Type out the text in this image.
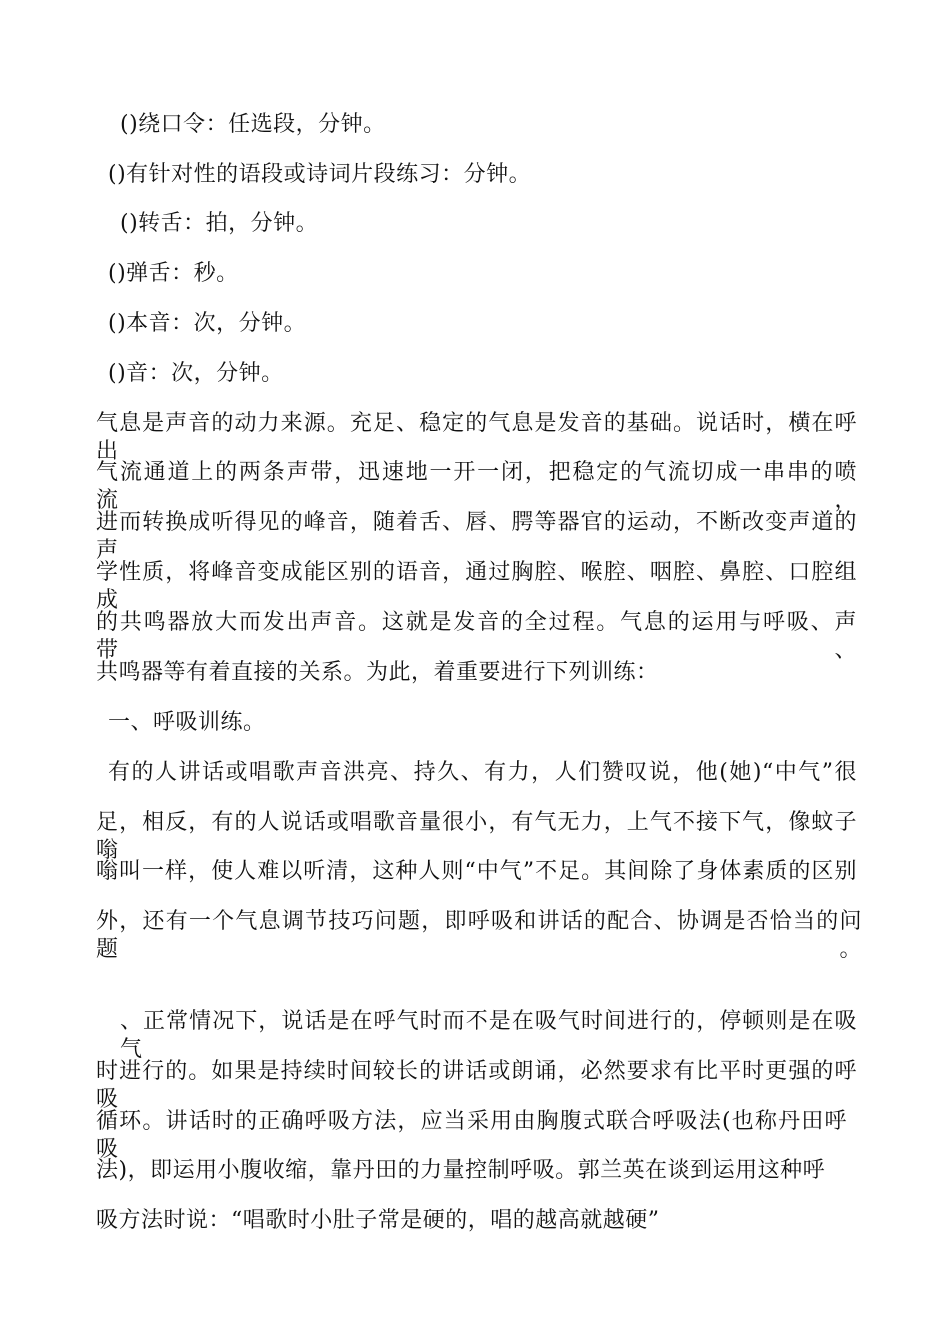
()绕口令：任选段，分钟。
()有针对性的语段或诗词片段练习：分钟。
()转舌：拍，分钟。
()弹舌：秒。
()本音：次，分钟。
()音：次，分钟。
气息是声音的动力来源。充足、稳定的气息是发音的基础。说话时，横在呼出
气流通道上的两条声带，迅速地一开一闭，把稳定的气流切成一串串的喷流，
进而转换成听得见的峰音，随着舌、唇、腭等器官的运动，不断改变声道的声
学性质，将峰音变成能区别的语音，通过胸腔、喉腔、咽腔、鼻腔、口腔组成
的共鸣器放大而发出声音。这就是发音的全过程。气息的运用与呼吸、声带、
共鸣器等有着直接的关系。为此，着重要进行下列训练：
一、呼吸训练。
有的人讲话或唱歌声音洪亮、持久、有力，人们赞叹说，他(她)“中气”很
足，相反，有的人说话或唱歌音量很小，有气无力，上气不接下气，像蚊子嗡
嗡叫一样，使人难以听清，这种人则“中气”不足。其间除了身体素质的区别
外，还有一个气息调节技巧问题，即呼吸和讲话的配合、协调是否恰当的问题。
、正常情况下，说话是在呼气时而不是在吸气时间进行的，停顿则是在吸气
时进行的。如果是持续时间较长的讲话或朗诵，必然要求有比平时更强的呼吸
循环。讲话时的正确呼吸方法，应当采用由胸腹式联合呼吸法(也称丹田呼吸
法)，即运用小腹收缩，靠丹田的力量控制呼吸。郭兰英在谈到运用这种呼
吸方法时说：“唱歌时小肚子常是硬的，唱的越高就越硬”
